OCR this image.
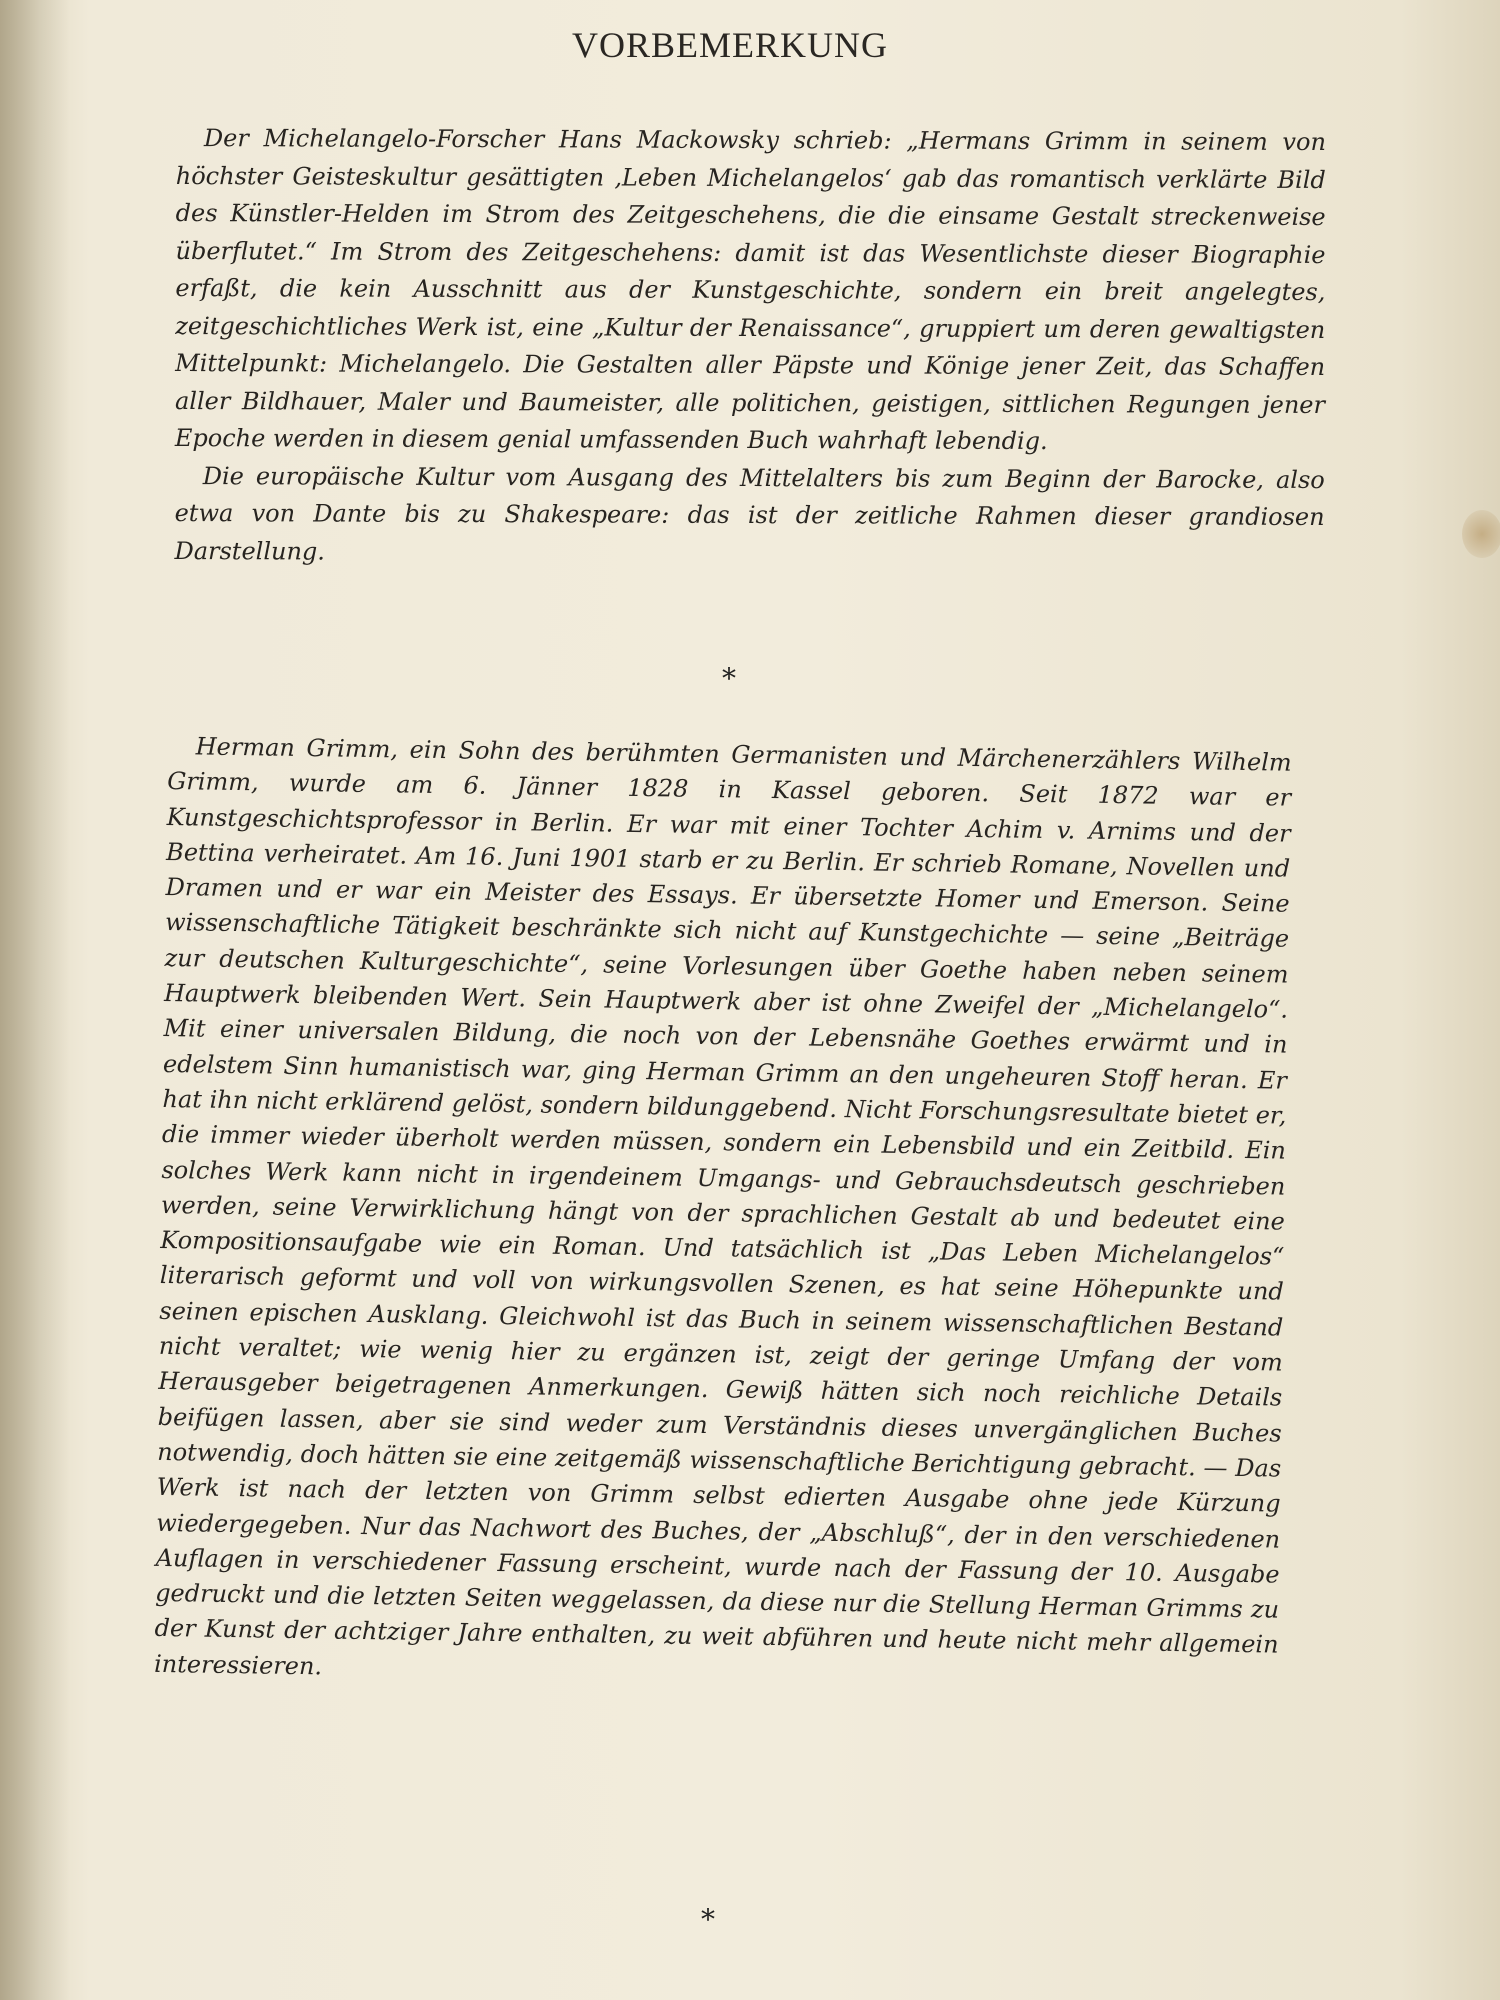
VORBEMERKUNG

Der Michelangelo-Forscher Hans Mackowsky schrieb: „Hermans Grimm in seinem von höchster Geisteskultur gesättigten ‚Leben Michelangelos‘ gab das romantisch verklärte Bild des Künstler-Helden im Strom des Zeitgeschehens, die die einsame Gestalt streckenweise überflutet.“ Im Strom des Zeitgeschehens: damit ist das Wesentlichste dieser Biographie erfaßt, die kein Ausschnitt aus der Kunstgeschichte, sondern ein breit angelegtes, zeitgeschichtliches Werk ist, eine „Kultur der Renaissance“, gruppiert um deren gewaltigsten Mittelpunkt: Michelangelo. Die Gestalten aller Päpste und Könige jener Zeit, das Schaffen aller Bildhauer, Maler und Baumeister, alle politichen, geistigen, sittlichen Regungen jener Epoche werden in diesem genial umfassenden Buch wahrhaft lebendig.

Die europäische Kultur vom Ausgang des Mittelalters bis zum Beginn der Barocke, also etwa von Dante bis zu Shakespeare: das ist der zeitliche Rahmen dieser grandiosen Darstellung.

*

Herman Grimm, ein Sohn des berühmten Germanisten und Märchenerzählers Wilhelm Grimm, wurde am 6. Jänner 1828 in Kassel geboren. Seit 1872 war er Kunstgeschichtsprofessor in Berlin. Er war mit einer Tochter Achim v. Arnims und der Bettina verheiratet. Am 16. Juni 1901 starb er zu Berlin. Er schrieb Romane, Novellen und Dramen und er war ein Meister des Essays. Er übersetzte Homer und Emerson. Seine wissenschaftliche Tätigkeit beschränkte sich nicht auf Kunstgechichte — seine „Beiträge zur deutschen Kulturgeschichte“, seine Vorlesungen über Goethe haben neben seinem Hauptwerk bleibenden Wert. Sein Hauptwerk aber ist ohne Zweifel der „Michelangelo“. Mit einer universalen Bildung, die noch von der Lebensnähe Goethes erwärmt und in edelstem Sinn humanistisch war, ging Herman Grimm an den ungeheuren Stoff heran. Er hat ihn nicht erklärend gelöst, sondern bildunggebend. Nicht Forschungsresultate bietet er, die immer wieder überholt werden müssen, sondern ein Lebensbild und ein Zeitbild. Ein solches Werk kann nicht in irgendeinem Umgangs- und Gebrauchsdeutsch geschrieben werden, seine Verwirklichung hängt von der sprachlichen Gestalt ab und bedeutet eine Kompositionsaufgabe wie ein Roman. Und tatsächlich ist „Das Leben Michelangelos“ literarisch geformt und voll von wirkungsvollen Szenen, es hat seine Höhepunkte und seinen epischen Ausklang. Gleichwohl ist das Buch in seinem wissenschaftlichen Bestand nicht veraltet; wie wenig hier zu ergänzen ist, zeigt der geringe Umfang der vom Herausgeber beigetragenen Anmerkungen. Gewiß hätten sich noch reichliche Details beifügen lassen, aber sie sind weder zum Verständnis dieses unvergänglichen Buches notwendig, doch hätten sie eine zeitgemäß wissenschaftliche Berichtigung gebracht. — Das Werk ist nach der letzten von Grimm selbst edierten Ausgabe ohne jede Kürzung wiedergegeben. Nur das Nachwort des Buches, der „Abschluß“, der in den verschiedenen Auflagen in verschiedener Fassung erscheint, wurde nach der Fassung der 10. Ausgabe gedruckt und die letzten Seiten weggelassen, da diese nur die Stellung Herman Grimms zu der Kunst der achtziger Jahre enthalten, zu weit abführen und heute nicht mehr allgemein interessieren.

*
